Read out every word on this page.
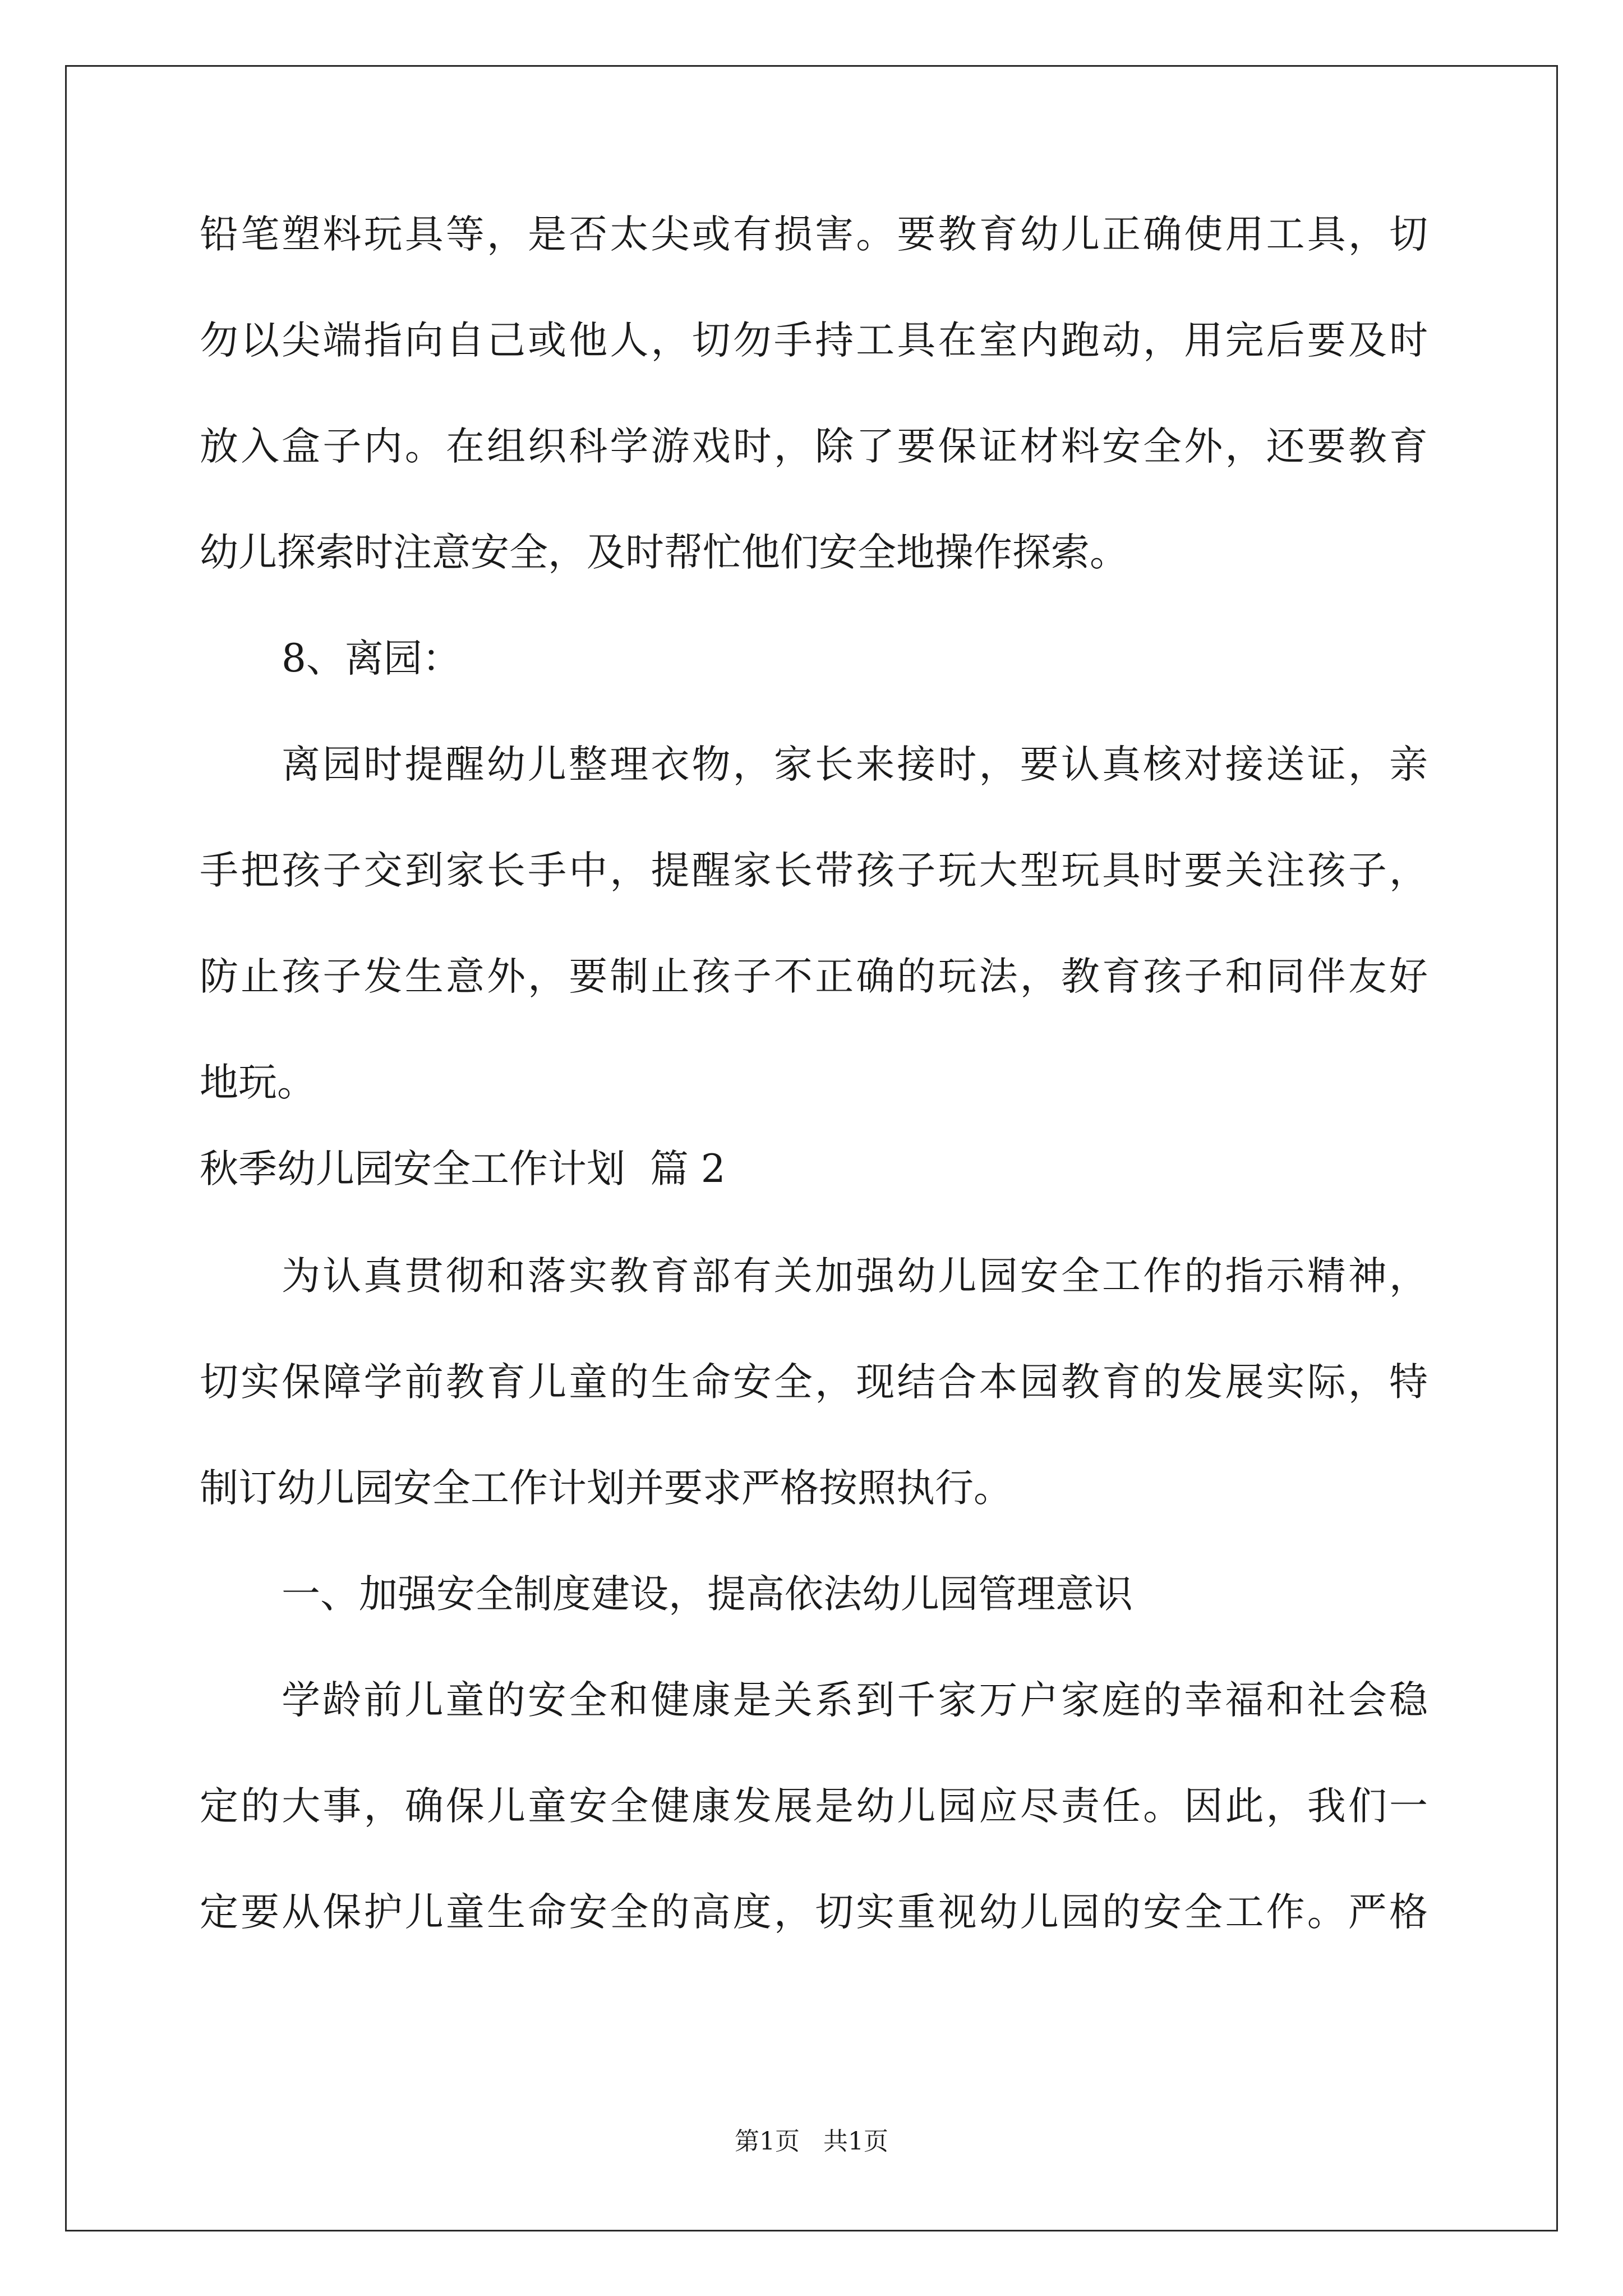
铅笔塑料玩具等，是否太尖或有损害。要教育幼儿正确使用工具，切
勿以尖端指向自己或他人，切勿手持工具在室内跑动，用完后要及时
放入盒子内。在组织科学游戏时，除了要保证材料安全外，还要教育
幼儿探索时注意安全，及时帮忙他们安全地操作探索。
8、离园：
离园时提醒幼儿整理衣物，家长来接时，要认真核对接送证，亲
手把孩子交到家长手中，提醒家长带孩子玩大型玩具时要关注孩子，
防止孩子发生意外，要制止孩子不正确的玩法，教育孩子和同伴友好
地玩。
秋季幼儿园安全工作计划  篇 2
为认真贯彻和落实教育部有关加强幼儿园安全工作的指示精神，
切实保障学前教育儿童的生命安全，现结合本园教育的发展实际，特
制订幼儿园安全工作计划并要求严格按照执行。
一、加强安全制度建设，提高依法幼儿园管理意识
学龄前儿童的安全和健康是关系到千家万户家庭的幸福和社会稳
定的大事，确保儿童安全健康发展是幼儿园应尽责任。因此，我们一
定要从保护儿童生命安全的高度，切实重视幼儿园的安全工作。严格
第1页   共1页
